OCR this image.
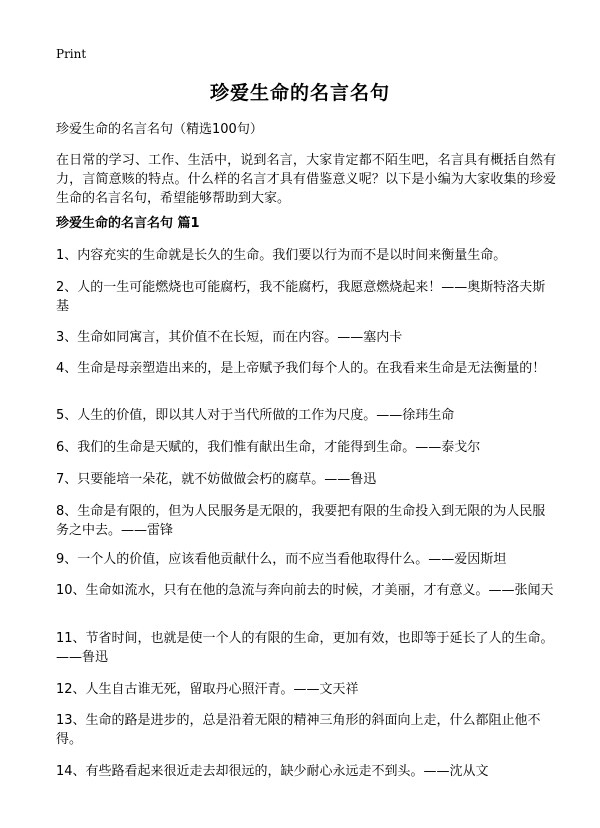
Print
珍爱生命的名言名句
珍爱生命的名言名句（精选100句）

在日常的学习、工作、生活中，说到名言，大家肯定都不陌生吧，名言具有概括自然有力，言简意赅的特点。什么样的名言才具有借鉴意义呢？以下是小编为大家收集的珍爱生命的名言名句，希望能够帮助到大家。

珍爱生命的名言名句 篇1

1、内容充实的生命就是长久的生命。我们要以行为而不是以时间来衡量生命。

2、人的一生可能燃烧也可能腐朽，我不能腐朽，我愿意燃烧起来！——奥斯特洛夫斯基

3、生命如同寓言，其价值不在长短，而在内容。——塞内卡

4、生命是母亲塑造出来的，是上帝赋予我们每个人的。在我看来生命是无法衡量的！

5、人生的价值，即以其人对于当代所做的工作为尺度。——徐玮生命

6、我们的生命是天赋的，我们惟有献出生命，才能得到生命。——泰戈尔

7、只要能培一朵花，就不妨做做会朽的腐草。——鲁迅

8、生命是有限的，但为人民服务是无限的，我要把有限的生命投入到无限的为人民服务之中去。——雷锋

9、一个人的价值，应该看他贡献什么，而不应当看他取得什么。——爱因斯坦

10、生命如流水，只有在他的急流与奔向前去的时候，才美丽，才有意义。——张闻天

11、节省时间，也就是使一个人的有限的生命，更加有效，也即等于延长了人的生命。——鲁迅

12、人生自古谁无死，留取丹心照汗青。——文天祥

13、生命的路是进步的，总是沿着无限的精神三角形的斜面向上走，什么都阻止他不得。

14、有些路看起来很近走去却很远的，缺少耐心永远走不到头。——沈从文
